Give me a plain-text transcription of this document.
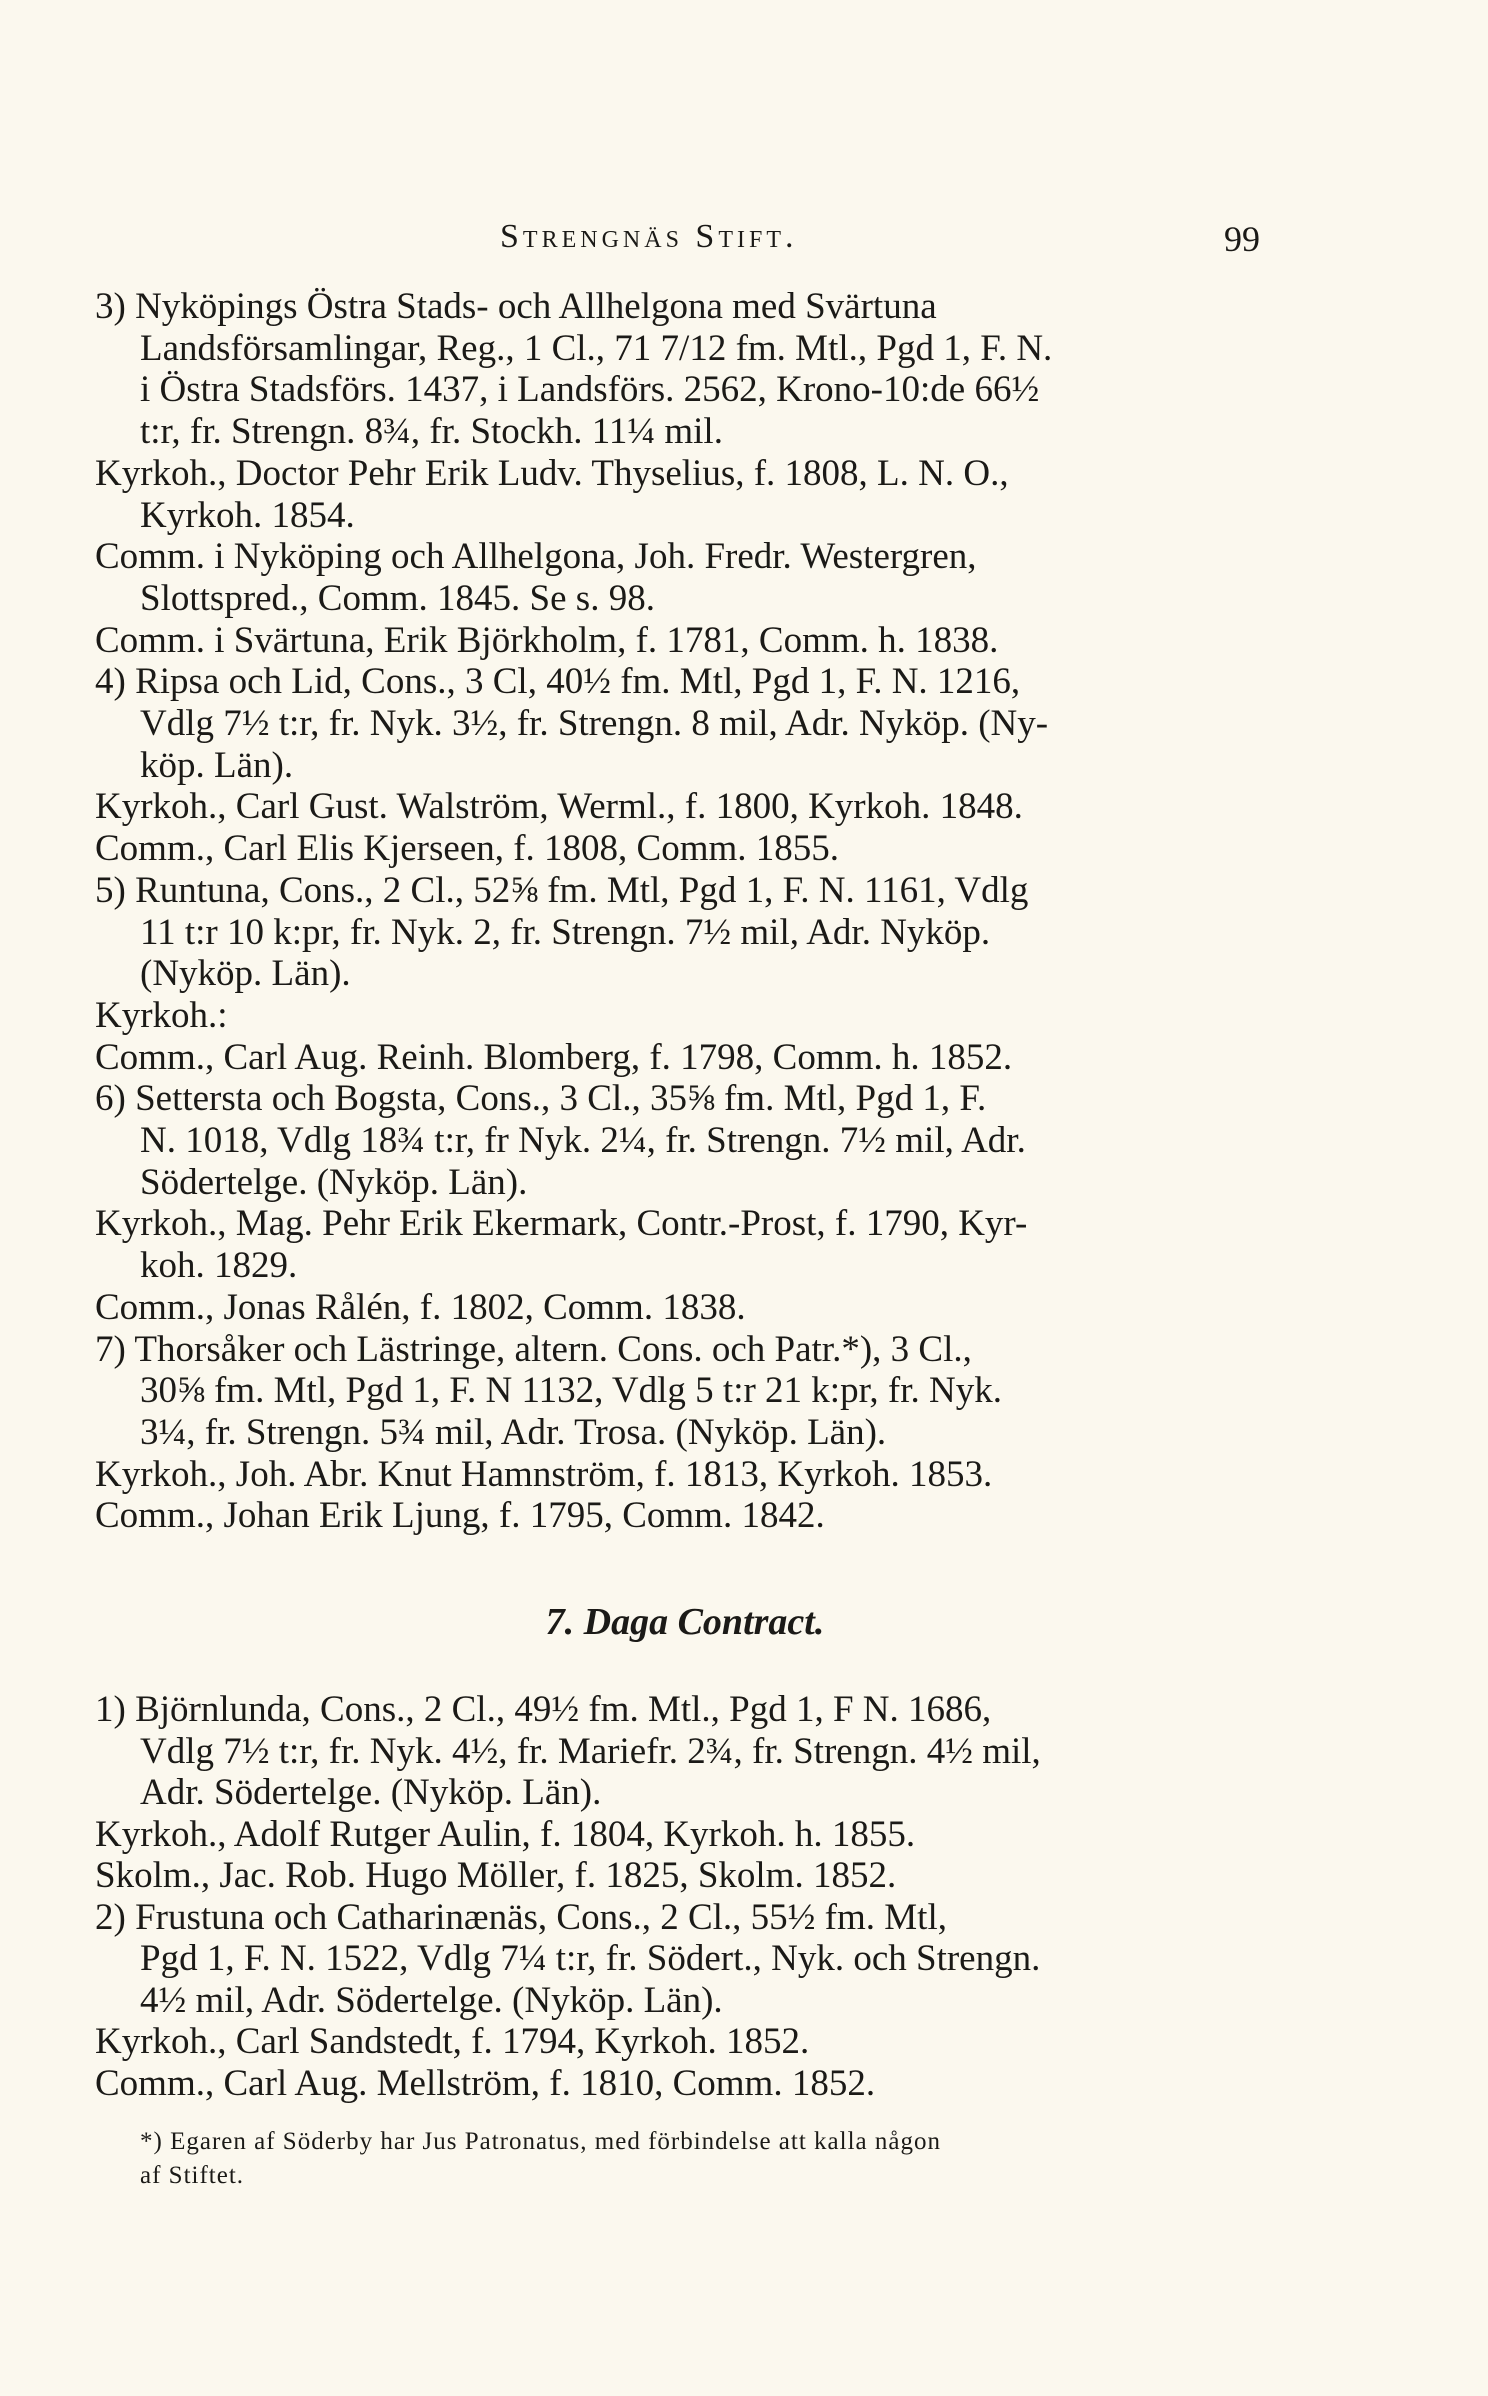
Strengnäs Stift.	99
3) Nyköpings Östra Stads- och Allhelgona med Svärtuna
Landsförsamlingar, Reg., 1 Cl., 71 7/12 fm. Mtl., Pgd 1, F. N.
i Östra Stadsförs. 1437, i Landsförs. 2562, Krono-10:de 66½
t:r, fr. Strengn. 8¾, fr. Stockh. 11¼ mil.
Kyrkoh., Doctor Pehr Erik Ludv. Thyselius, f. 1808, L. N. O.,
Kyrkoh. 1854.
Comm. i Nyköping och Allhelgona, Joh. Fredr. Westergren,
Slottspred., Comm. 1845. Se s. 98.
Comm. i Svärtuna, Erik Björkholm, f. 1781, Comm. h. 1838.
4) Ripsa och Lid, Cons., 3 Cl, 40½ fm. Mtl, Pgd 1, F. N. 1216,
Vdlg 7½ t:r, fr. Nyk. 3½, fr. Strengn. 8 mil, Adr. Nyköp. (Ny-
köp. Län).
Kyrkoh., Carl Gust. Walström, Werml., f. 1800, Kyrkoh. 1848.
Comm., Carl Elis Kjerseen, f. 1808, Comm. 1855.
5) Runtuna, Cons., 2 Cl., 52⅝ fm. Mtl, Pgd 1, F. N. 1161, Vdlg
11 t:r 10 k:pr, fr. Nyk. 2, fr. Strengn. 7½ mil, Adr. Nyköp.
(Nyköp. Län).
Kyrkoh.:
Comm., Carl Aug. Reinh. Blomberg, f. 1798, Comm. h. 1852.
6) Settersta och Bogsta, Cons., 3 Cl., 35⅝ fm. Mtl, Pgd 1, F.
N. 1018, Vdlg 18¾ t:r, fr Nyk. 2¼, fr. Strengn. 7½ mil, Adr.
Södertelge. (Nyköp. Län).
Kyrkoh., Mag. Pehr Erik Ekermark, Contr.-Prost, f. 1790, Kyr-
koh. 1829.
Comm., Jonas Rålén, f. 1802, Comm. 1838.
7) Thorsåker och Lästringe, altern. Cons. och Patr.*), 3 Cl.,
30⅝ fm. Mtl, Pgd 1, F. N 1132, Vdlg 5 t:r 21 k:pr, fr. Nyk.
3¼, fr. Strengn. 5¾ mil, Adr. Trosa. (Nyköp. Län).
Kyrkoh., Joh. Abr. Knut Hamnström, f. 1813, Kyrkoh. 1853.
Comm., Johan Erik Ljung, f. 1795, Comm. 1842.
7. Daga Contract.
1) Björnlunda, Cons., 2 Cl., 49½ fm. Mtl., Pgd 1, F N. 1686,
Vdlg 7½ t:r, fr. Nyk. 4½, fr. Mariefr. 2¾, fr. Strengn. 4½ mil,
Adr. Södertelge. (Nyköp. Län).
Kyrkoh., Adolf Rutger Aulin, f. 1804, Kyrkoh. h. 1855.
Skolm., Jac. Rob. Hugo Möller, f. 1825, Skolm. 1852.
2) Frustuna och Catharinænäs, Cons., 2 Cl., 55½ fm. Mtl,
Pgd 1, F. N. 1522, Vdlg 7¼ t:r, fr. Södert., Nyk. och Strengn.
4½ mil, Adr. Södertelge. (Nyköp. Län).
Kyrkoh., Carl Sandstedt, f. 1794, Kyrkoh. 1852.
Comm., Carl Aug. Mellström, f. 1810, Comm. 1852.
*) Egaren af Söderby har Jus Patronatus, med förbindelse att kalla någon
af Stiftet.
